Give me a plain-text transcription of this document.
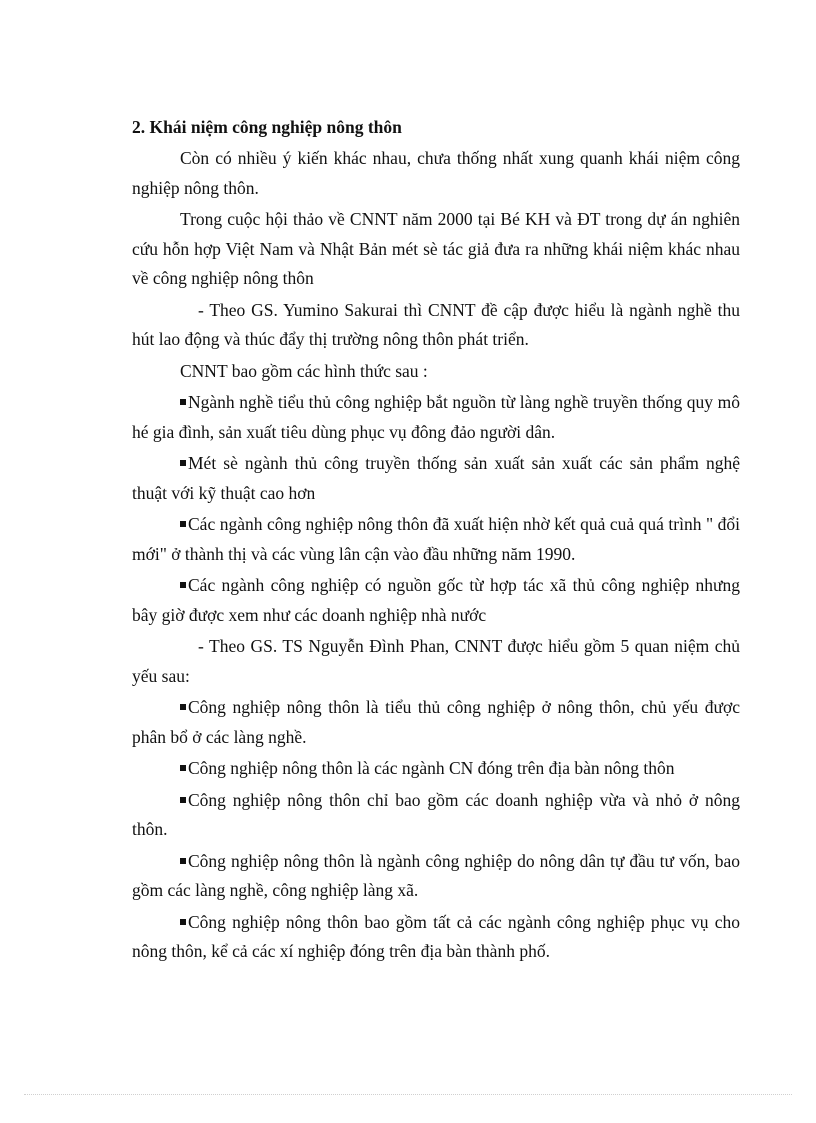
2. Khái niệm công nghiệp nông thôn

Còn có nhiều ý kiến khác nhau, chưa thống nhất xung quanh khái niệm công nghiệp nông thôn.

Trong cuộc hội thảo về CNNT năm 2000 tại Bé KH và ĐT trong dự án nghiên cứu hỗn hợp Việt Nam và Nhật Bản mét sè tác giả đưa ra những khái niệm khác nhau về công nghiệp nông thôn

- Theo GS. Yumino Sakurai thì CNNT đề cập được hiểu là ngành nghề thu hút lao động và thúc đẩy thị trường nông thôn phát triển.

CNNT bao gồm các hình thức sau :

Ngành nghề tiểu thủ công nghiệp bắt nguồn từ làng nghề truyền thống quy mô hé gia đình, sản xuất tiêu dùng phục vụ đông đảo người dân.

Mét sè ngành thủ công truyền thống sản xuất sản xuất các sản phẩm nghệ thuật với kỹ thuật cao hơn

Các ngành công nghiệp nông thôn đã xuất hiện nhờ kết quả cuả quá trình " đổi mới" ở thành thị và các vùng lân cận vào đầu những năm 1990.

Các ngành công nghiệp có nguồn gốc từ hợp tác xã thủ công nghiệp nhưng bây giờ được xem như các doanh nghiệp nhà nước

- Theo GS. TS Nguyễn Đình Phan, CNNT được hiểu gồm 5 quan niệm chủ yếu sau:

Công nghiệp nông thôn là tiểu thủ công nghiệp ở nông thôn, chủ yếu được phân bổ ở các làng nghề.

Công nghiệp nông thôn là các ngành CN đóng trên địa bàn nông thôn

Công nghiệp nông thôn chỉ bao gồm các doanh nghiệp vừa và nhỏ ở nông thôn.

Công nghiệp nông thôn là ngành công nghiệp do nông dân tự đầu tư vốn, bao gồm các làng nghề, công nghiệp làng xã.

Công nghiệp nông thôn bao gồm tất cả các ngành công nghiệp phục vụ cho nông thôn, kể cả các xí nghiệp đóng trên địa bàn thành phố.
